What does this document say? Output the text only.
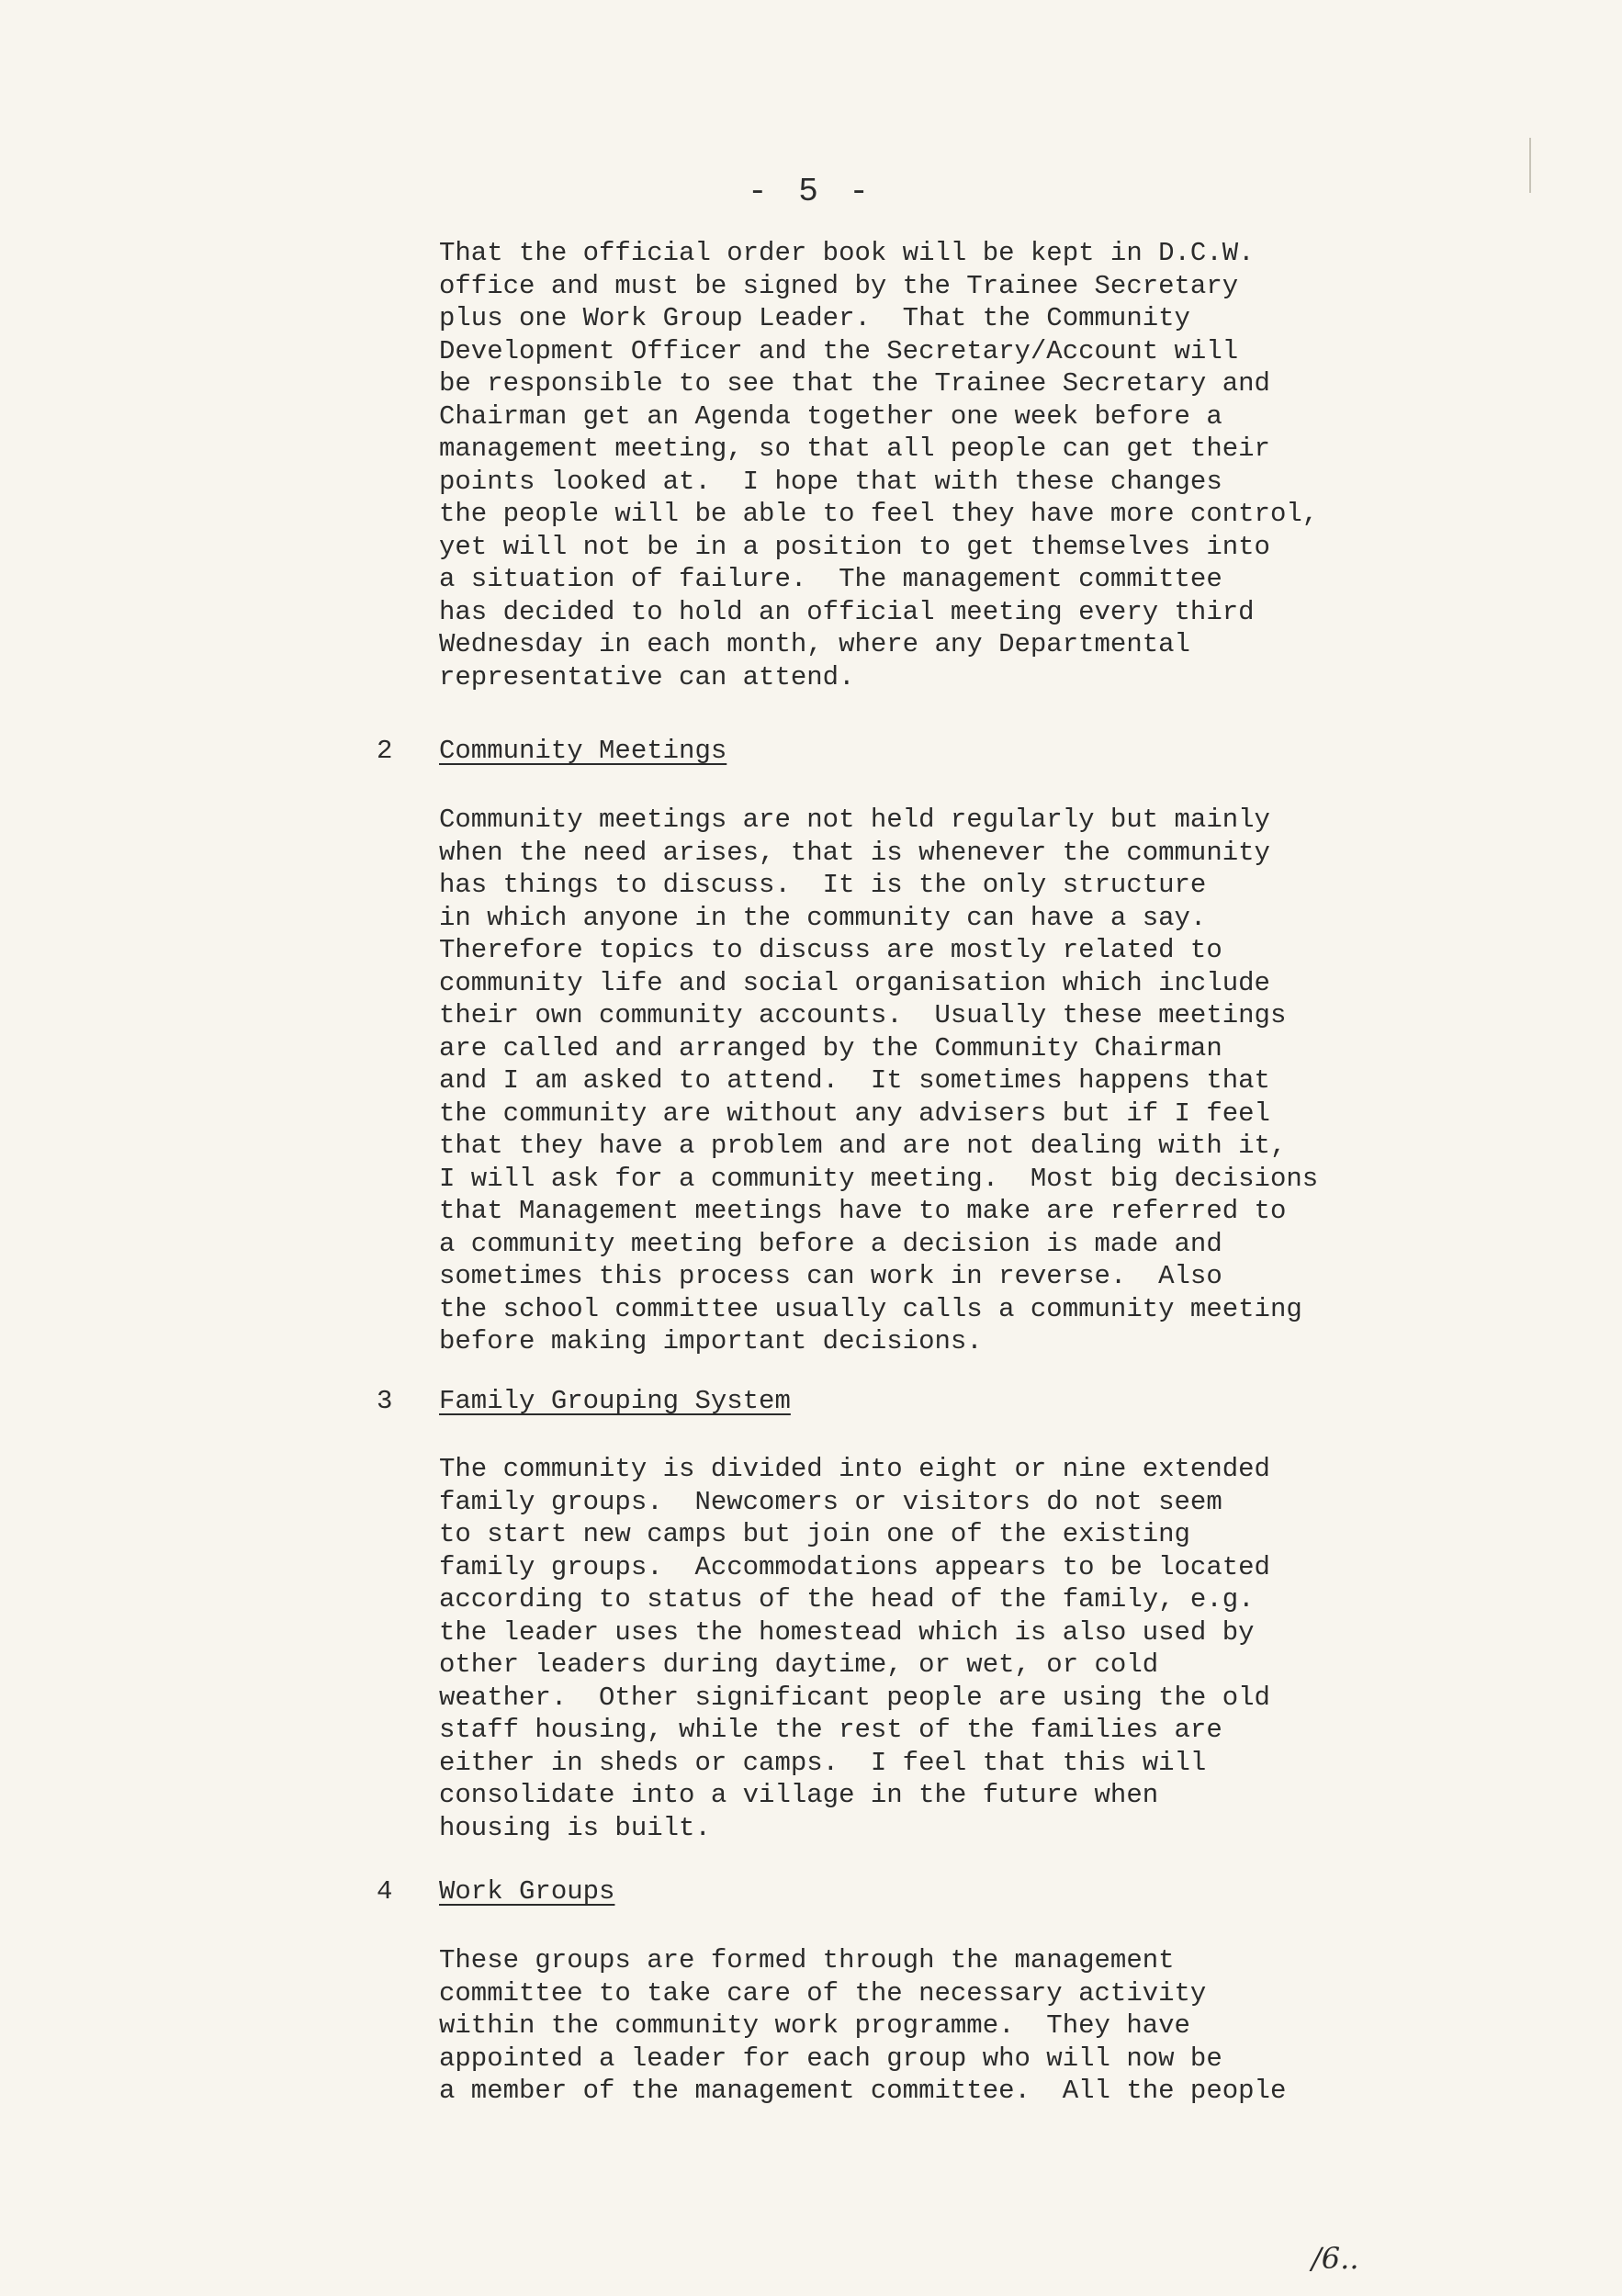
- 5 -

That the official order book will be kept in D.C.W.
office and must be signed by the Trainee Secretary
plus one Work Group Leader.  That the Community
Development Officer and the Secretary/Account will
be responsible to see that the Trainee Secretary and
Chairman get an Agenda together one week before a
management meeting, so that all people can get their
points looked at.  I hope that with these changes
the people will be able to feel they have more control,
yet will not be in a position to get themselves into
a situation of failure.  The management committee
has decided to hold an official meeting every third
Wednesday in each month, where any Departmental
representative can attend.

2 Community Meetings

Community meetings are not held regularly but mainly
when the need arises, that is whenever the community
has things to discuss.  It is the only structure
in which anyone in the community can have a say.
Therefore topics to discuss are mostly related to
community life and social organisation which include
their own community accounts.  Usually these meetings
are called and arranged by the Community Chairman
and I am asked to attend.  It sometimes happens that
the community are without any advisers but if I feel
that they have a problem and are not dealing with it,
I will ask for a community meeting.  Most big decisions
that Management meetings have to make are referred to
a community meeting before a decision is made and
sometimes this process can work in reverse.  Also
the school committee usually calls a community meeting
before making important decisions.

3 Family Grouping System

The community is divided into eight or nine extended
family groups.  Newcomers or visitors do not seem
to start new camps but join one of the existing
family groups.  Accommodations appears to be located
according to status of the head of the family, e.g.
the leader uses the homestead which is also used by
other leaders during daytime, or wet, or cold
weather.  Other significant people are using the old
staff housing, while the rest of the families are
either in sheds or camps.  I feel that this will
consolidate into a village in the future when
housing is built.

4 Work Groups

These groups are formed through the management
committee to take care of the necessary activity
within the community work programme.  They have
appointed a leader for each group who will now be
a member of the management committee.  All the people

/6..
